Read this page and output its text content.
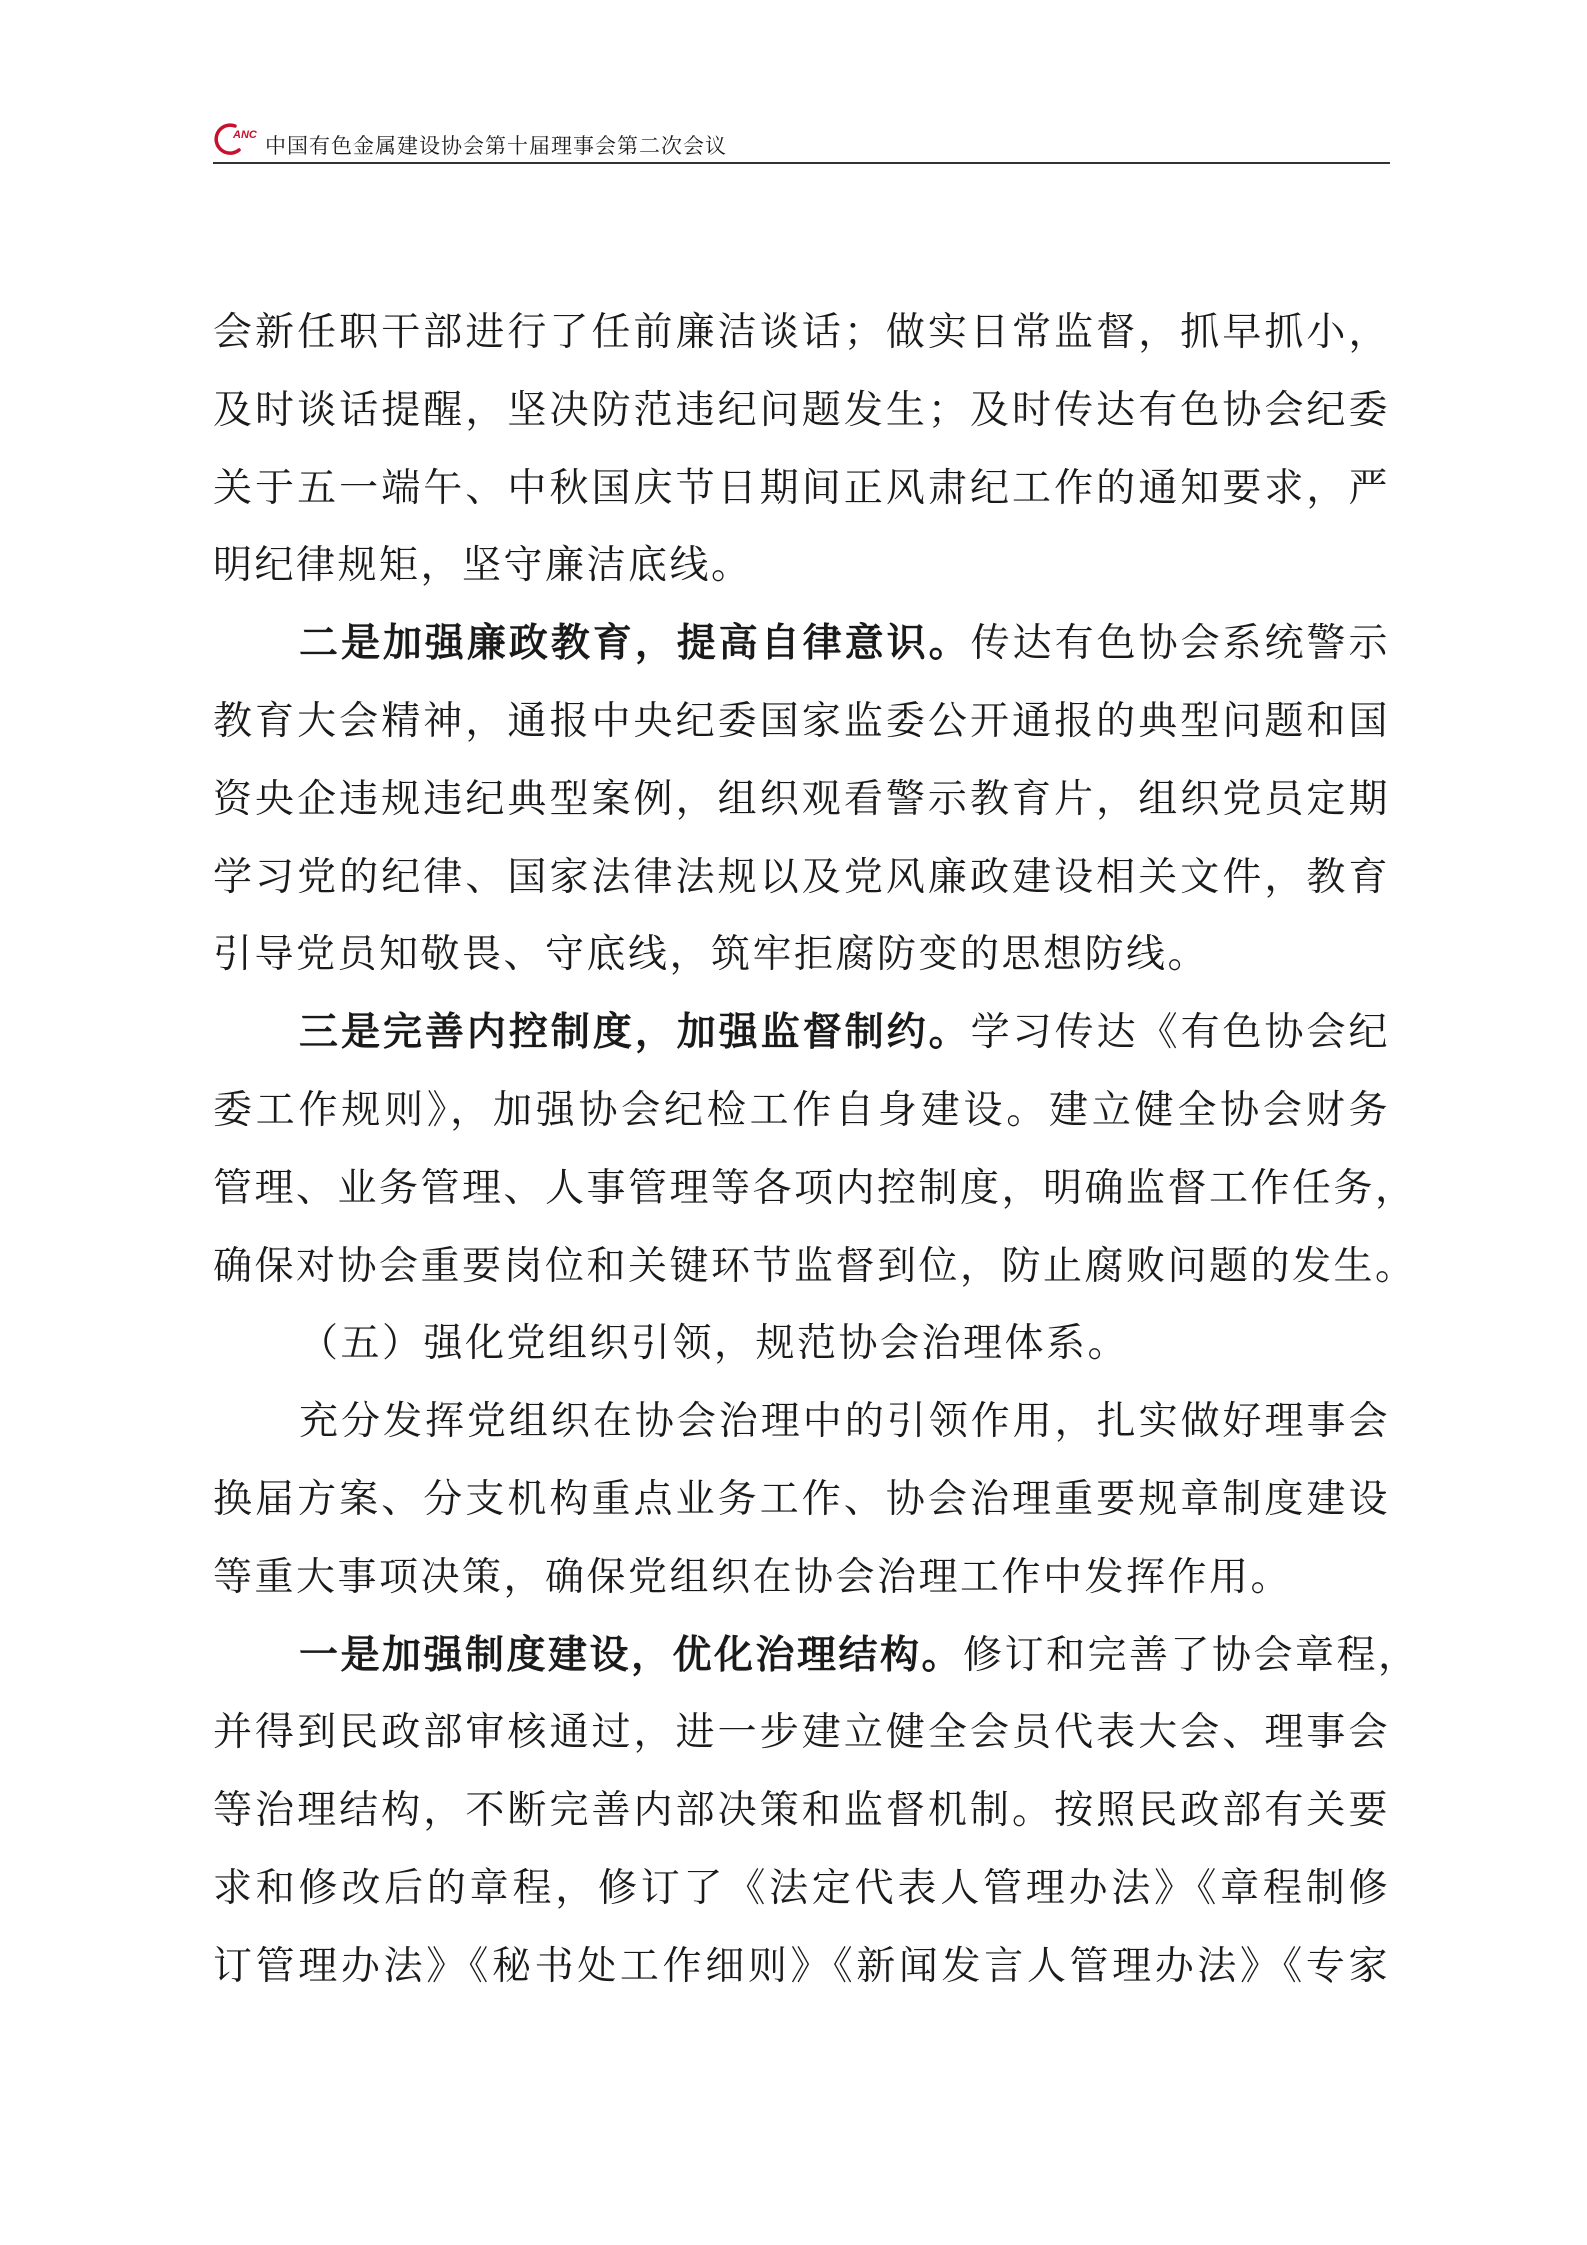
ANC 中国有色金属建设协会第十届理事会第二次会议
会新任职干部进行了任前廉洁谈话；做实日常监督，抓早抓小，
及时谈话提醒，坚决防范违纪问题发生；及时传达有色协会纪委
关于五一端午、中秋国庆节日期间正风肃纪工作的通知要求，严
明纪律规矩，坚守廉洁底线。
二是加强廉政教育，提高自律意识。传达有色协会系统警示
教育大会精神，通报中央纪委国家监委公开通报的典型问题和国
资央企违规违纪典型案例，组织观看警示教育片，组织党员定期
学习党的纪律、国家法律法规以及党风廉政建设相关文件，教育
引导党员知敬畏、守底线，筑牢拒腐防变的思想防线。
三是完善内控制度，加强监督制约。学习传达《有色协会纪
委工作规则》，加强协会纪检工作自身建设。建立健全协会财务
管理、业务管理、人事管理等各项内控制度，明确监督工作任务，
确保对协会重要岗位和关键环节监督到位，防止腐败问题的发生。
（五）强化党组织引领，规范协会治理体系。
充分发挥党组织在协会治理中的引领作用，扎实做好理事会
换届方案、分支机构重点业务工作、协会治理重要规章制度建设
等重大事项决策，确保党组织在协会治理工作中发挥作用。
一是加强制度建设，优化治理结构。修订和完善了协会章程，
并得到民政部审核通过，进一步建立健全会员代表大会、理事会
等治理结构，不断完善内部决策和监督机制。按照民政部有关要
求和修改后的章程，修订了《法定代表人管理办法》《章程制修
订管理办法》《秘书处工作细则》《新闻发言人管理办法》《专家
